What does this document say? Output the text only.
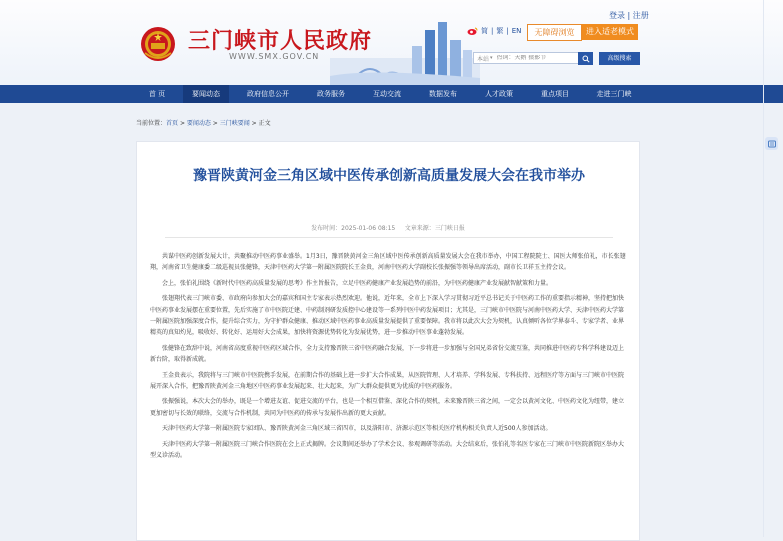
三门峡市人民政府
WWW.SMX.GOV.CN
登录 | 注册
简 | 繁 | EN	无障碍浏览	进入适老模式
本站 ▾
热词：天鹅 摄影节	高级搜索
首 页	要闻动态	政府信息公开	政务服务	互动交流	数据发布	人才政策	重点项目	走进三门峡
当前位置：首页 > 要闻动态 > 三门峡要闻 > 正文
豫晋陕黄河金三角区域中医传承创新高质量发展大会在我市举办
发布时间：2025-01-06 08:15 文章来源：三门峡日报

共谋中医药创新发展大计，共聚推动中医药事业盛举。1月3日，豫晋陕黄河金三角区域中医传承创新高质量发展大会在我市举办，中国工程院院士、国医大师张伯礼，市长张翅翔，河南省卫生健康委二级巡视员张健锋，天津中医药大学第一附属医院院长王金贵，河南中医药大学副校长张振强等领导出席活动，副市长卫祥玉主持会议。

会上，张伯礼围绕《新时代中医药高质量发展的思考》作主旨报告，立足中医药健康产业发展趋势的前沿，为中医药健康产业发展献智献策和力量。

张翅翔代表三门峡市委、市政府向参加大会的嘉宾和国主专家表示热烈欢迎。他说，近年来，全市上下深入学习贯彻习近平总书记关于中医药工作的重要指示精神，坚持把加快中医药事业发展摆在重要位置，先后实施了市中医院迁建、中药制剂研发质控中心建设等一系列中医中药发展项目；尤其是，三门峡市中医院与河南中医药大学、天津中医药大学第一附属医院加强深度合作，提升综合实力，为守护群众健康、推动区域中医药事业高质量发展提供了重要保障。我市将以此次大会为契机，认真倾听各位学界泰斗、专家学者、业界精英的真知灼见，吸收好、转化好、运用好大会成果，加快将资源优势转化为发展优势，进一步推动中医事业蓬勃发展。

张健锋在致辞中说，河南省高度重视中医药区域合作，全力支持豫晋陕三省中医药融合发展，下一步将进一步加强与全国兄弟省份交流互鉴，共同推进中医药专科学科建设迈上新台阶，取得新成就。

王金贵表示，我院将与三门峡市中医院携手发展，在前期合作的基础上进一步扩大合作成果，从医院管理、人才培养、学科发展、专科扶持、远程医疗等方面与三门峡市中医院展开深入合作，把豫晋陕黄河金三角地区中医药事业发展起来、壮大起来，为广大群众提供更为优质的中医药服务。

张振强说，本次大会的举办，既是一个增进友谊、促进交流的平台，也是一个相互借鉴、深化合作的契机，未来豫晋陕三省之间，一定会以黄河文化、中医药文化为纽带，建立更加密切与长效的联络，交流与合作机制，共同为中医药的传承与发展作出新的更大贡献。

天津中医药大学第一附属医院专家团队、豫晋陕黄河金三角区域三省四市，以及洛阳市、济源示范区等相关医疗机构相关负责人近500人参加活动。

天津中医药大学第一附属医院三门峡合作医院在会上正式揭牌。会议期间还举办了学术会议、参观调研等活动。大会结束后，张伯礼等名医专家在三门峡市中医院新院区举办大型义诊活动。
